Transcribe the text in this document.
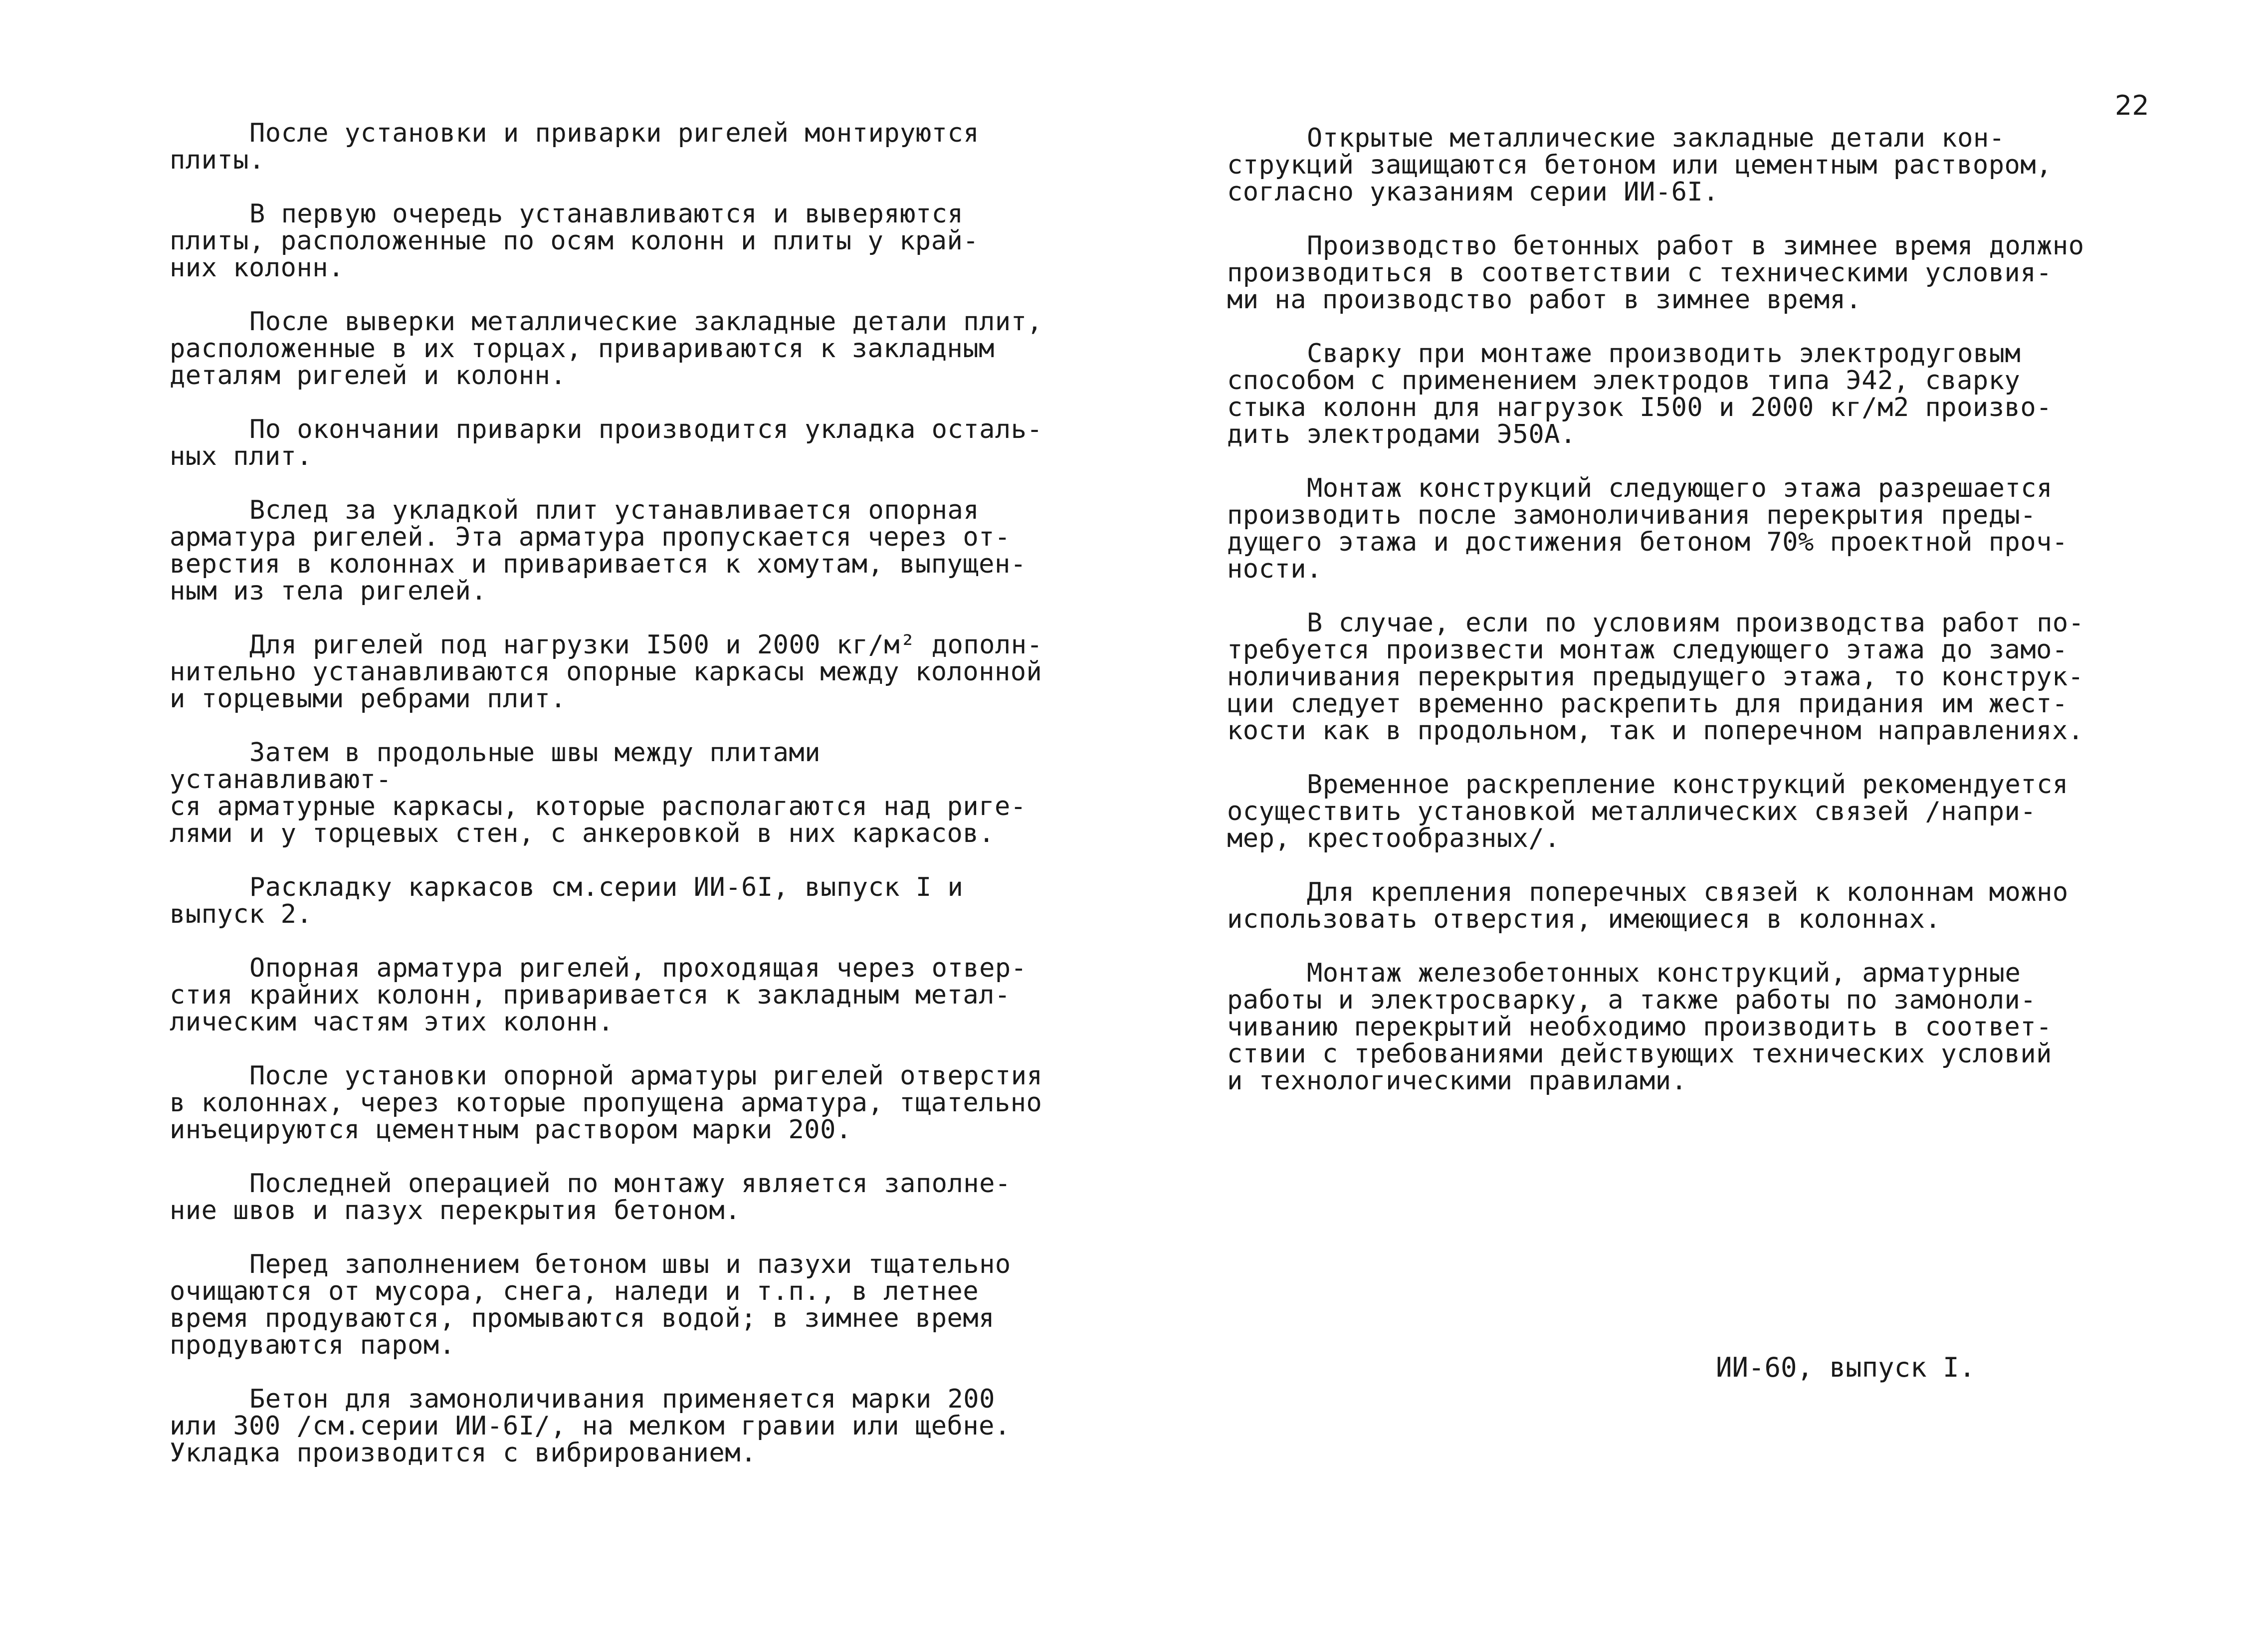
22

После установки и приварки ригелей монтируются
плиты.

В первую очередь устанавливаются и выверяются
плиты, расположенные по осям колонн и плиты у край-
них колонн.

После выверки металлические закладные детали плит,
расположенные в их торцах, привариваются к закладным
деталям ригелей и колонн.

По окончании приварки производится укладка осталь-
ных плит.

Вслед за укладкой плит устанавливается опорная
арматура ригелей. Эта арматура пропускается через от-
верстия в колоннах и приваривается к хомутам, выпущен-
ным из тела ригелей.

Для ригелей под нагрузки I500 и 2000 кг/м² дополн-
нительно устанавливаются опорные каркасы между колонной
и торцевыми ребрами плит.

Затем в продольные швы между плитами устанавливают-
ся арматурные каркасы, которые располагаются над ригe-
лями и у торцевых стен, с анкеровкой в них каркасов.

Раскладку каркасов см.серии ИИ-6I, выпуск I и
выпуск 2.

Опорная арматура ригелей, проходящая через отвер-
стия крайних колонн, приваривается к закладным метал-
лическим частям этих колонн.

После установки опорной арматуры ригелей отверстия
в колоннах, через которые пропущена арматура, тщательно
инъецируются цементным раствором марки 200.

Последней операцией по монтажу является заполне-
ние швов и пазух перекрытия бетоном.

Перед заполнением бетоном швы и пазухи тщательно
очищаются от мусора, снега, наледи и т.п., в летнее
время продуваются, промываются водой; в зимнее время
продуваются паром.

Бетон для замоноличивания применяется марки 200
или 300 /см.серии ИИ-6I/, на мелком гравии или щебне.
Укладка производится с вибрированием.

Открытые металлические закладные детали кон-
струкций защищаются бетоном или цементным раствором,
согласно указаниям серии ИИ-6I.

Производство бетонных работ в зимнее время должно
производиться в соответствии с техническими условия-
ми на производство работ в зимнее время.

Сварку при монтаже производить электродуговым
способом с применением электродов типа Э42, сварку
стыка колонн для нагрузок I500 и 2000 кг/м2 произво-
дить электродами Э50А.

Монтаж конструкций следующего этажа разрешается
производить после замоноличивания перекрытия преды-
дущего этажа и достижения бетоном 70% проектной проч-
ности.

В случае, если по условиям производства работ по-
требуется произвести монтаж следующего этажа до замо-
ноличивания перекрытия предыдущего этажа, то конструк-
ции следует временно раскрепить для придания им жест-
кости как в продольном, так и поперечном направлениях.

Временное раскрепление конструкций рекомендуется
осуществить установкой металлических связей /напри-
мер, крестообразных/.

Для крепления поперечных связей к колоннам можно
использовать отверстия, имеющиеся в колоннах.

Монтаж железобетонных конструкций, арматурные
работы и электросварку, а также работы по замоноли-
чиванию перекрытий необходимо производить в соответ-
ствии с требованиями действующих технических условий
и технологическими правилами.

ИИ-60, выпуск I.
